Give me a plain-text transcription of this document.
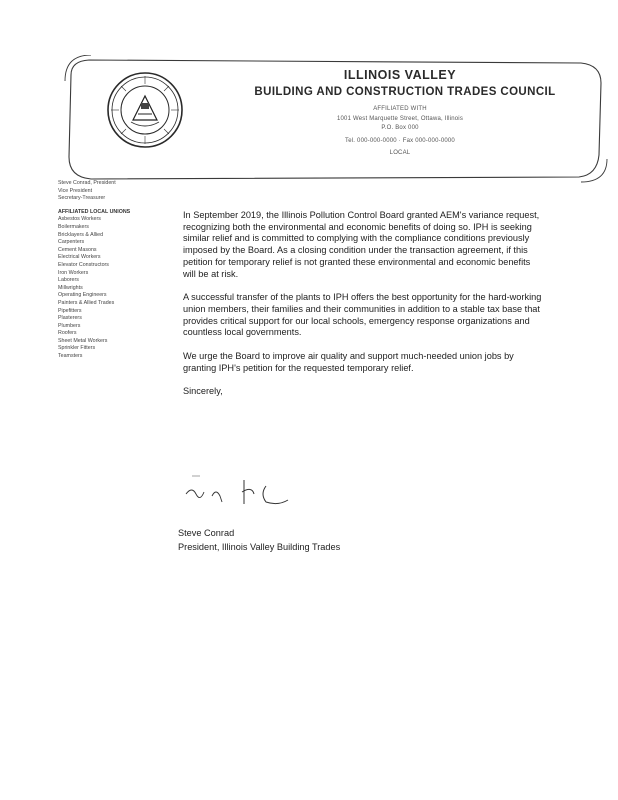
ILLINOIS VALLEY
BUILDING AND CONSTRUCTION TRADES COUNCIL
AFFILIATED WITH
1001 West Marquette Street, Ottawa, Illinois
P.O. Box 000
Tel. 000-000-0000 · Fax 000-000-0000
LOCAL
Steve Conrad, President
Vice President
Secretary-Treasurer
AFFILIATED LOCAL UNIONS
Asbestos Workers
Boilermakers
Bricklayers & Allied
Carpenters
Cement Masons
Electrical Workers
Elevator Constructors
Iron Workers
Laborers
Millwrights
Operating Engineers
Painters & Allied Trades
Pipefitters
Plasterers
Plumbers
Roofers
Sheet Metal Workers
Sprinkler Fitters
Teamsters

In September 2019, the Illinois Pollution Control Board granted AEM's variance request, recognizing both the environmental and economic benefits of doing so. IPH is seeking similar relief and is committed to complying with the compliance conditions previously imposed by the Board. As a closing condition under the transaction agreement, if this petition for temporary relief is not granted these environmental and economic benefits will be at risk.

A successful transfer of the plants to IPH offers the best opportunity for the hard-working union members, their families and their communities in addition to a stable tax base that provides critical support for our local schools, emergency response organizations and countless local governments.

We urge the Board to improve air quality and support much-needed union jobs by granting IPH's petition for the requested temporary relief.

Sincerely,

Steve Conrad
President, Illinois Valley Building Trades
